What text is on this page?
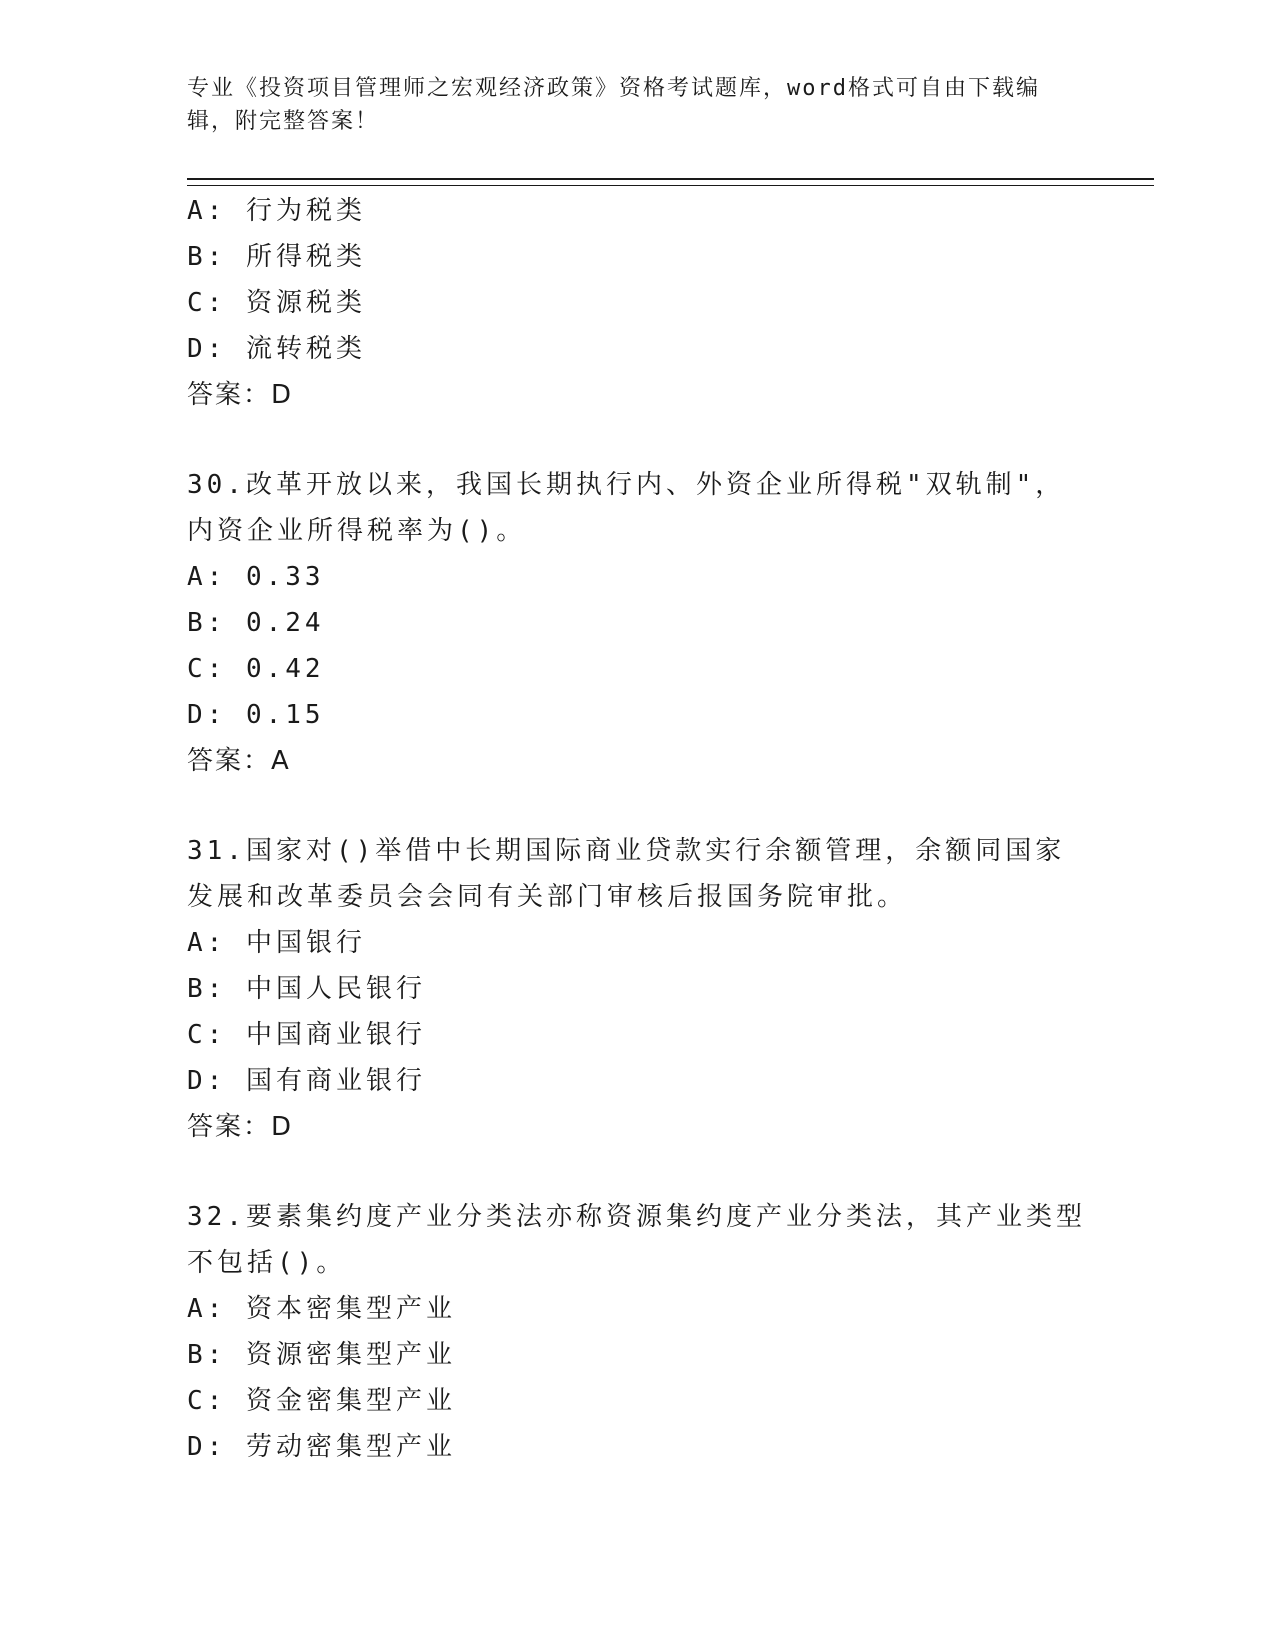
专业《投资项目管理师之宏观经济政策》资格考试题库，word格式可自由下载编辑，附完整答案！
A: 行为税类
B: 所得税类
C: 资源税类
D: 流转税类
答案：D
30.改革开放以来，我国长期执行内、外资企业所得税"双轨制"，内资企业所得税率为()。
A: 0.33
B: 0.24
C: 0.42
D: 0.15
答案：A
31.国家对()举借中长期国际商业贷款实行余额管理，余额同国家发展和改革委员会会同有关部门审核后报国务院审批。
A: 中国银行
B: 中国人民银行
C: 中国商业银行
D: 国有商业银行
答案：D
32.要素集约度产业分类法亦称资源集约度产业分类法，其产业类型不包括()。
A: 资本密集型产业
B: 资源密集型产业
C: 资金密集型产业
D: 劳动密集型产业
